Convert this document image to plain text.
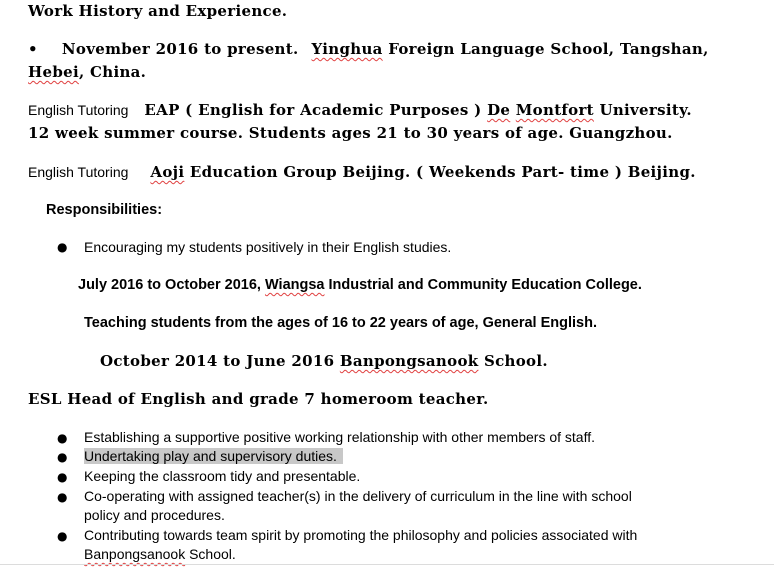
Work History and Experience.
• November 2016 to present. Yinghua Foreign Language School, Tangshan,
Hebei, China.
English Tutoring EAP ( English for Academic Purposes ) De Montfort University.
12 week summer course. Students ages 21 to 30 years of age. Guangzhou.
English Tutoring Aoji Education Group Beijing. ( Weekends Part- time ) Beijing.
Responsibilities:
● Encouraging my students positively in their English studies.
July 2016 to October 2016, Wiangsa Industrial and Community Education College.
Teaching students from the ages of 16 to 22 years of age, General English.
October 2014 to June 2016 Banpongsanook School.
ESL Head of English and grade 7 homeroom teacher.
● Establishing a supportive positive working relationship with other members of staff.
● Undertaking play and supervisory duties.
● Keeping the classroom tidy and presentable.
● Co-operating with assigned teacher(s) in the delivery of curriculum in the line with school
policy and procedures.
● Contributing towards team spirit by promoting the philosophy and policies associated with
Banpongsanook School.
